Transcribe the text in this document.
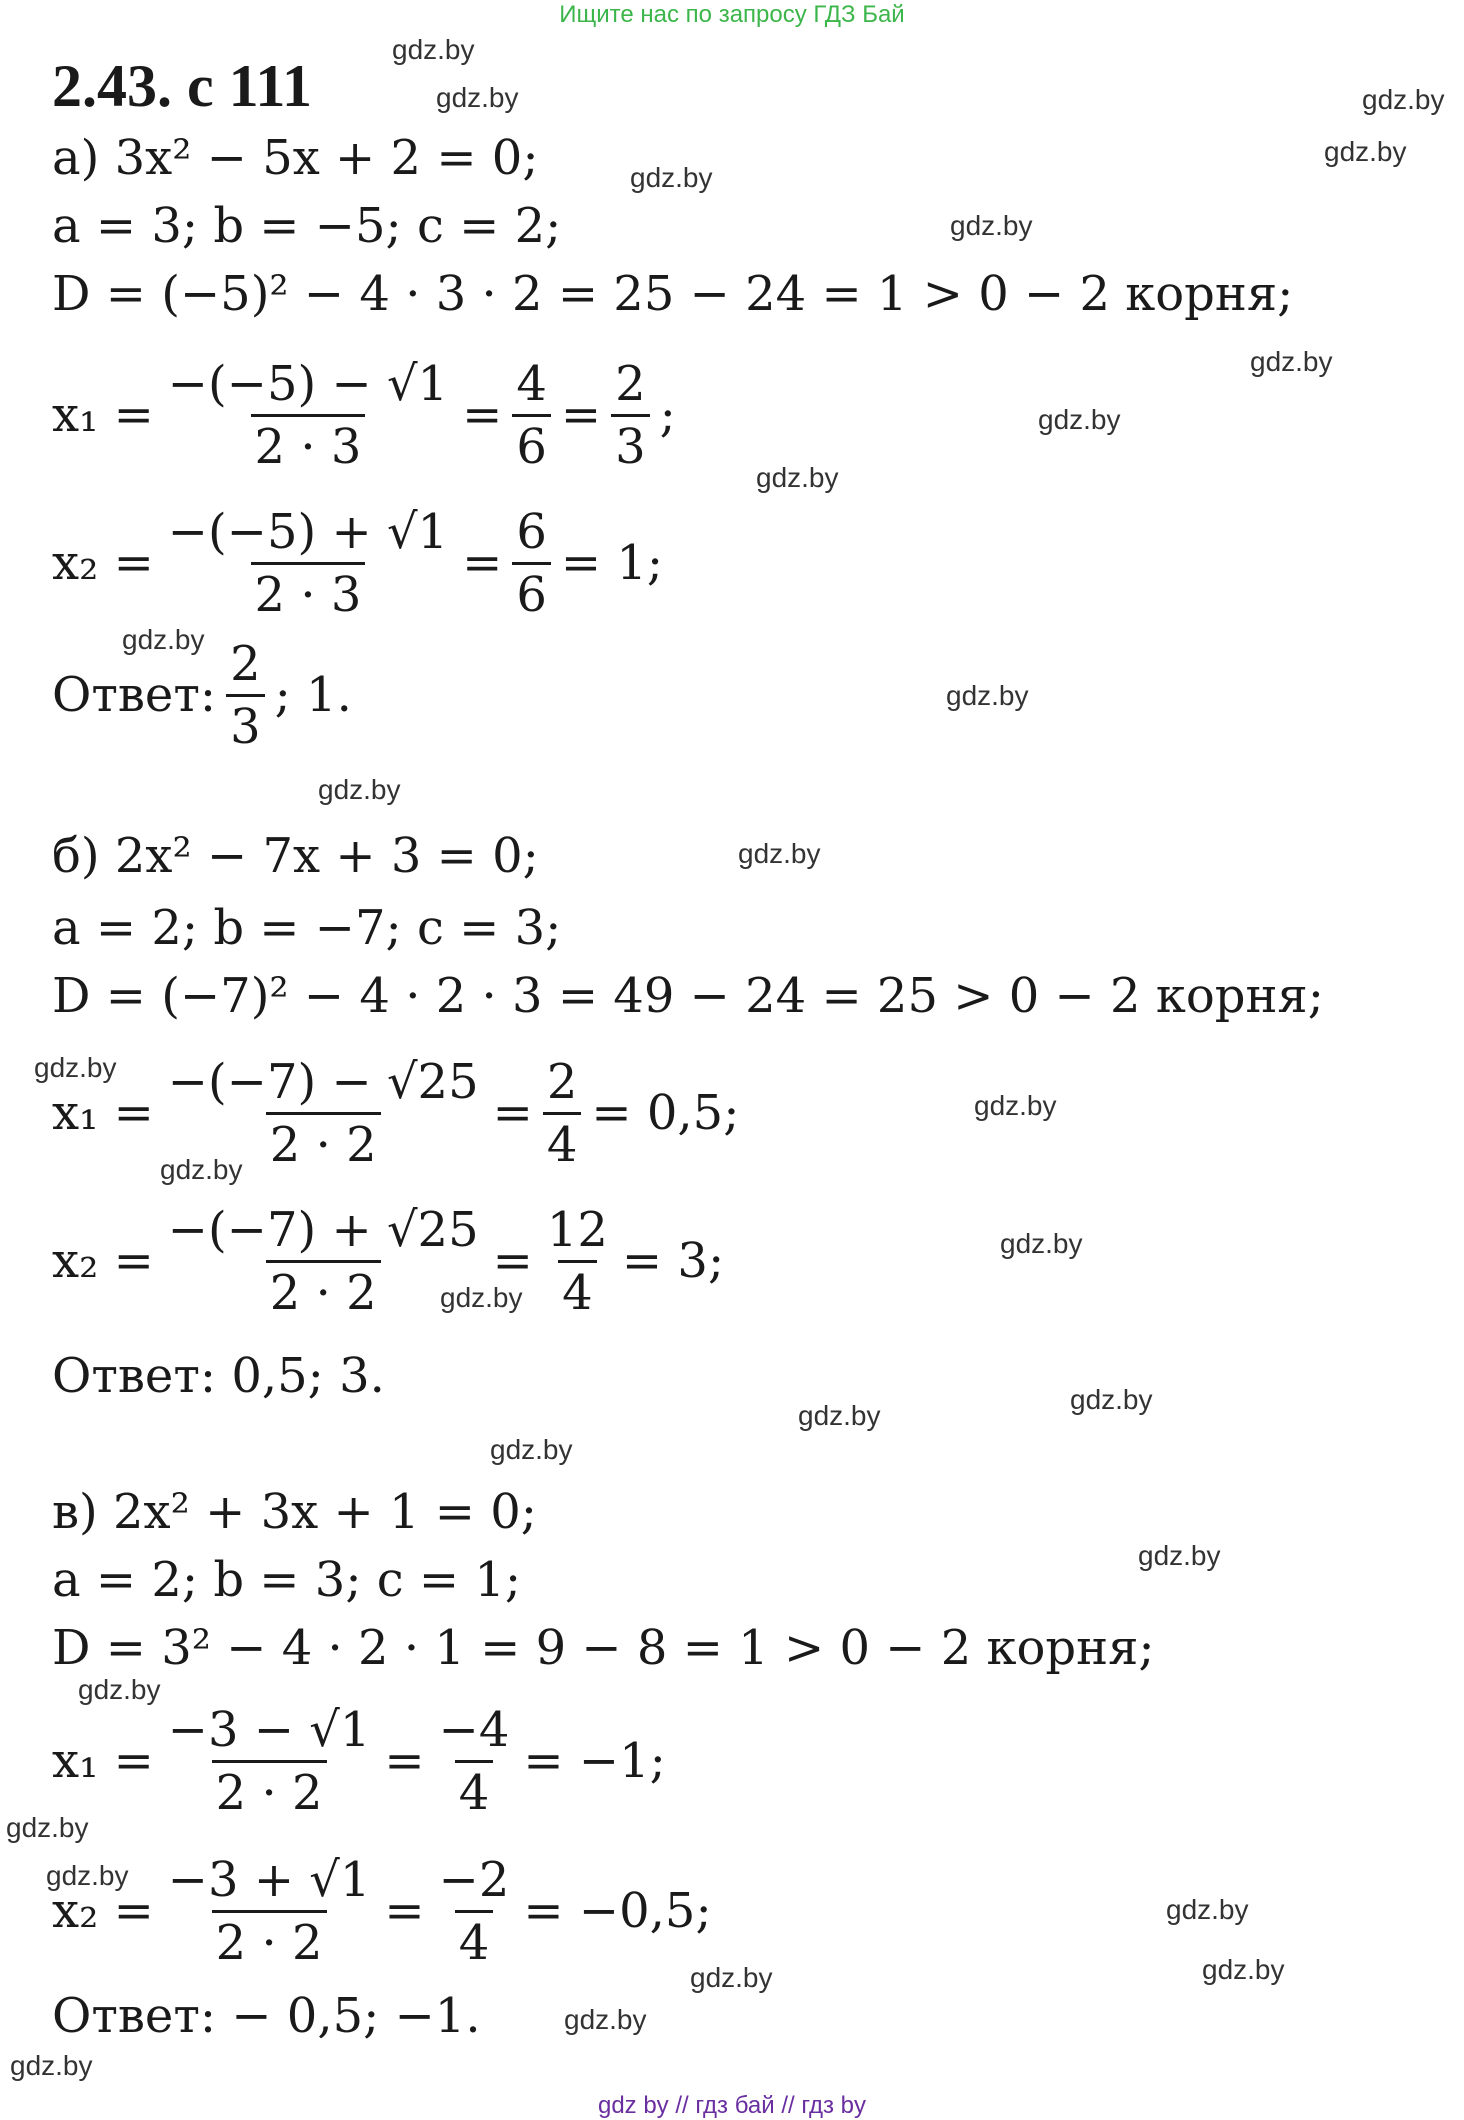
Ищите нас по запросу ГДЗ Бай
2.43. с 111
а) 3x² − 5x + 2 = 0;
a = 3; b = −5; c = 2;
D = (−5)² − 4 · 3 · 2 = 25 − 24 = 1 > 0 − 2 корня;
$x_1 = \frac{-(-5) - √1}{2 \cdot 3} = \frac{4}{6} = \frac{2}{3}$ ;
$x_2 = \frac{-(-5) + √1}{2 \cdot 3} = \frac{6}{6} = 1$;
Ответ: $\frac{2}{3}$ ; 1.
б) 2x² − 7x + 3 = 0;
a = 2; b = −7; c = 3;
D = (−7)² − 4 · 2 · 3 = 49 − 24 = 25 > 0 − 2 корня;
$x_1 = \frac{-(-7) - √25}{2 \cdot 2} = \frac{2}{4} = 0,5$;
$x_2 = \frac{-(-7) + √25}{2 \cdot 2} = \frac{12}{4} = 3$;
Ответ: 0,5; 3.
в) 2x² + 3x + 1 = 0;
a = 2; b = 3; c = 1;
D = 3² − 4 · 2 · 1 = 9 − 8 = 1 > 0 − 2 корня;
$x_1 = \frac{-3 - √1}{2 \cdot 2} = \frac{-4}{4} = -1$;
$x_2 = \frac{-3 + √1}{2 \cdot 2} = \frac{-2}{4} = -0,5$;
Ответ: − 0,5; −1.
gdz.by
gdz.by	gdz.by
gdz.by
gdz.by
gdz.by
gdz.by
gdz.by
gdz.by
gdz.by
gdz.by
gdz.by
gdz.by
gdz.by
gdz.by
gdz.by
gdz.by
gdz.by
gdz.by
gdz.by
gdz.by
gdz.by
gdz.by
gdz.by
gdz.by
gdz.by
gdz.by	gdz.by
gdz.by
gdz.by
gdz by // гдз бай // гдз by
